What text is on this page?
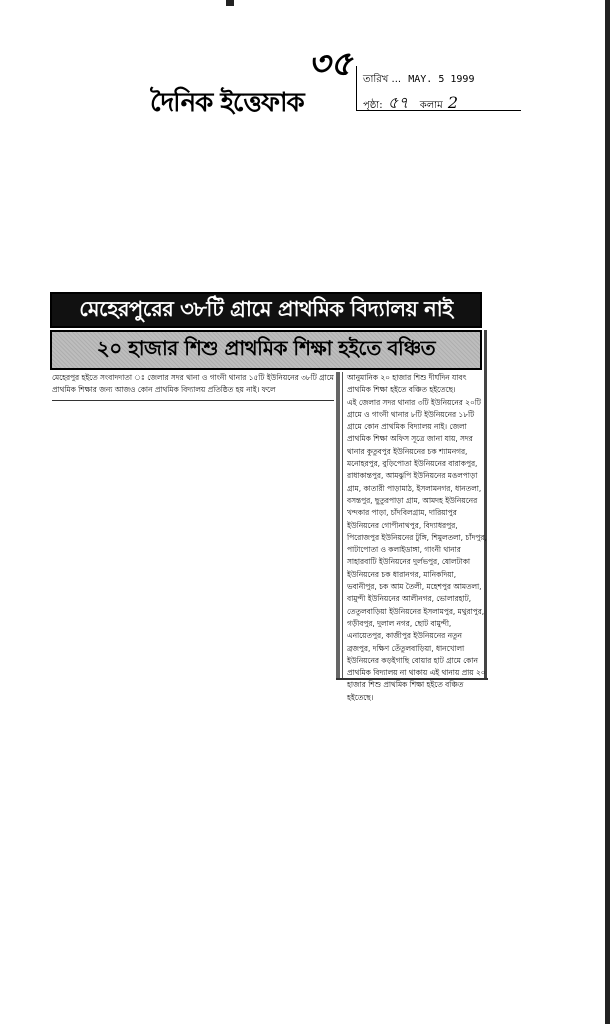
দৈনিক ইত্তেফাক
৩৫ তারিখ ... MAY. 5 1999
পৃষ্ঠা: ৫৭ কলাম 2
মেহেরপুরের ৩৮টি গ্রামে প্রাথমিক বিদ্যালয় নাই
২০ হাজার শিশু প্রাথমিক শিক্ষা হইতে বঞ্চিত

মেহেরপুর হইতে সংবাদদাতা ঃ জেলার সদর থানা ও গাংনী থানার ১৫টি ইউনিয়নের ৩৮টি গ্রামে প্রাথমিক শিক্ষার জন্য আজও কোন প্রাথমিক বিদ্যালয় প্রতিষ্ঠিত হয় নাই। ফলে

আনুমানিক ২০ হাজার শিশু দীর্ঘদিন যাবৎ প্রাথমিক শিক্ষা হইতে বঞ্চিত হইতেছে।

এই জেলার সদর থানার ৩টি ইউনিয়নের ২০টি গ্রামে ও গাংনী থানার ৮টি ইউনিয়নের ১৮টি গ্রামে কোন প্রাথমিক বিদ্যালয় নাই। জেলা প্রাথমিক শিক্ষা অফিস সূত্রে জানা যায়, সদর থানার কুতুবপুর ইউনিয়নের চক শ্যামনগর, মনোহরপুর, বুড়িপোতা ইউনিয়নের বারাকপুর, রাধাকান্তপুর, আমঝুপি ইউনিয়নের মঙলপাড়া গ্রাম, কাতারী পাড়ামাঠ, ইসলামনগর, ধানতলা, বসন্তপুর, ছুতুরপাড়া গ্রাম, আমদহ ইউনিয়নের খন্দকার পাড়া, চাঁদবিলগ্রাম, দারিয়াপুর ইউনিয়নের গোপীনাথপুর, বিদ্যাধরপুর, পিরোজপুর ইউনিয়নের টুঙ্গি, শিমুলতলা, চাঁদপুর, পাটাপোতা ও কলাইডাঙ্গা, গাংনী থানার সাহারবাটি ইউনিয়নের দুর্লভপুর, ষোলটাকা ইউনিয়নের চক ধারানগর, মানিকদিয়া, ভবানীপুর, চক আম তৈলী, মহেশপুর আমতলা, বামুন্দী ইউনিয়নের আলীনগর, ভোলারহাট, তেতুলবাড়িয়া ইউনিয়নের ইসলামপুর, মথুরাপুর, গড়ীবপুর, দুলাল নগর, ছোট বামুন্দী, এনায়েতপুর, কাজীপুর ইউনিয়নের নতুন ব্রজপুর, দক্ষিণ তেঁতুলবাড়িয়া, ধানখোলা ইউনিয়নের কড়ইগাছি বোয়ার হাট গ্রামে কোন প্রাথমিক বিদ্যালয় না থাকায় এই থানায় প্রায় ২০ হাজার শিশু প্রাথমিক শিক্ষা হইতে বঞ্চিত হইতেছে।
